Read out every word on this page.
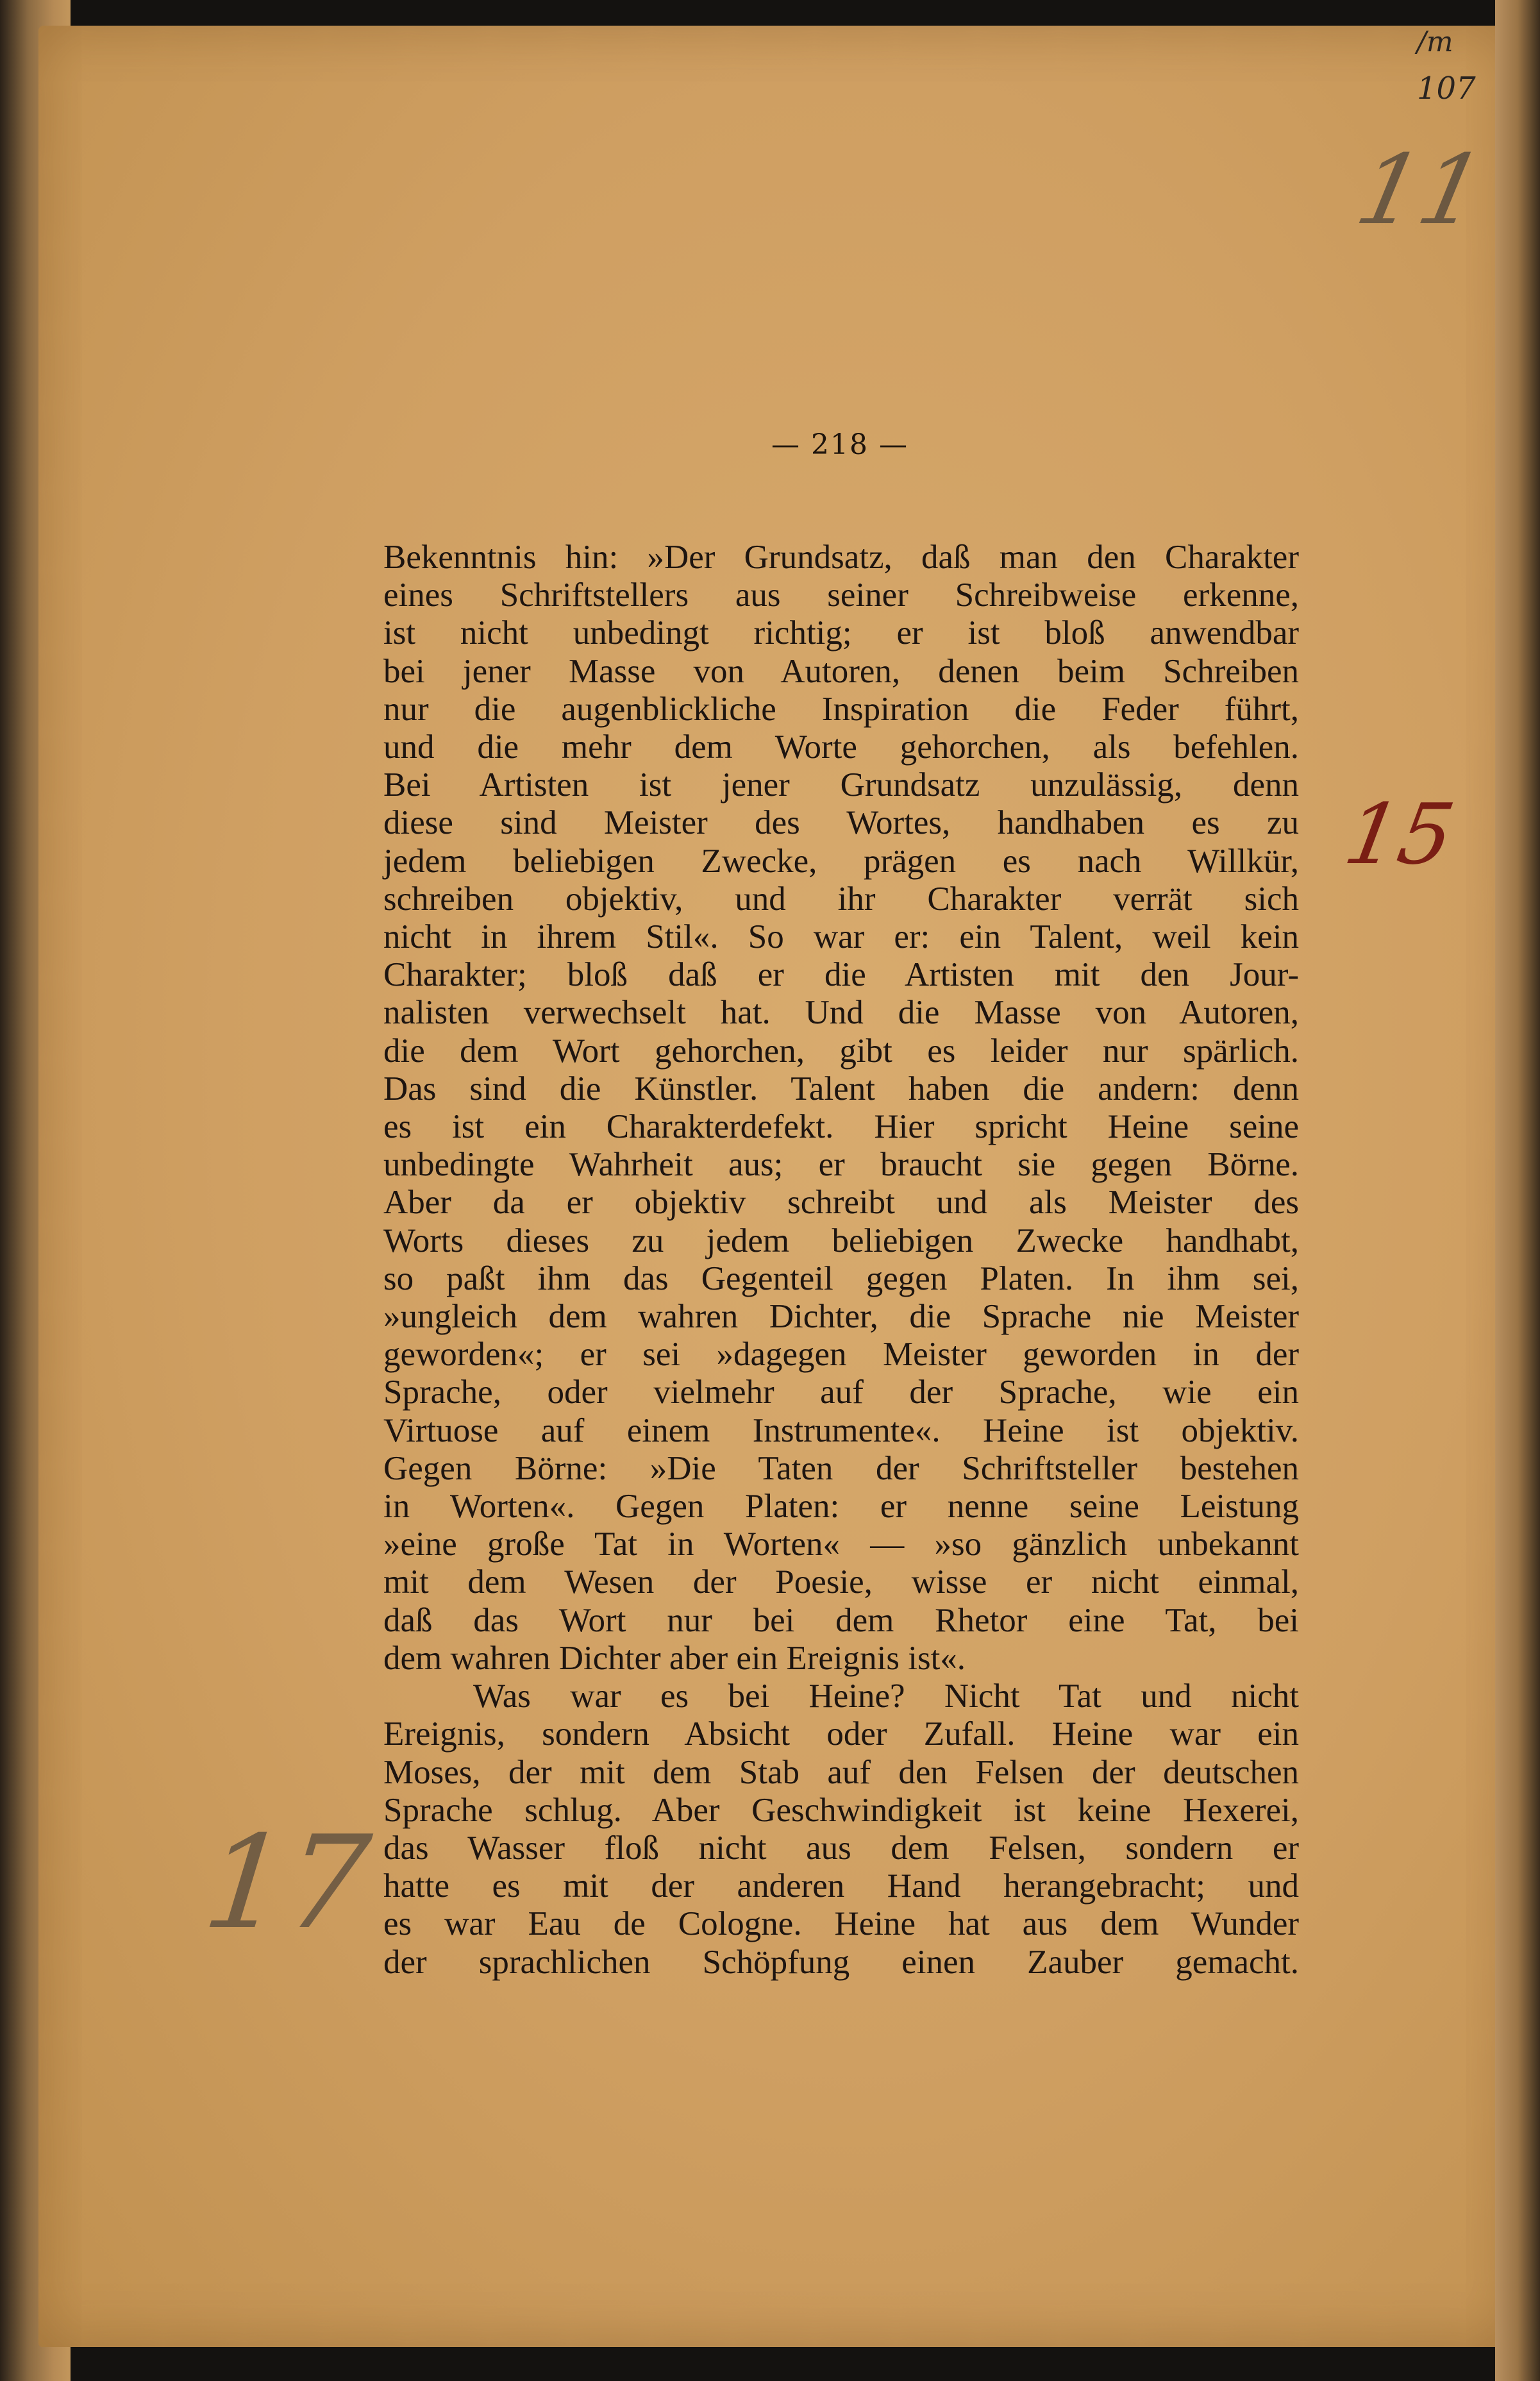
/m
107
11
15
17
— 218 —
Bekenntnis hin: »Der Grundsatz, daß man den Charakter
eines Schriftstellers aus seiner Schreibweise erkenne,
ist nicht unbedingt richtig; er ist bloß anwendbar
bei jener Masse von Autoren, denen beim Schreiben
nur die augenblickliche Inspiration die Feder führt,
und die mehr dem Worte gehorchen, als befehlen.
Bei Artisten ist jener Grundsatz unzulässig, denn
diese sind Meister des Wortes, handhaben es zu
jedem beliebigen Zwecke, prägen es nach Willkür,
schreiben objektiv, und ihr Charakter verrät sich
nicht in ihrem Stil«. So war er: ein Talent, weil kein
Charakter; bloß daß er die Artisten mit den Jour-
nalisten verwechselt hat. Und die Masse von Autoren,
die dem Wort gehorchen, gibt es leider nur spärlich.
Das sind die Künstler. Talent haben die andern: denn
es ist ein Charakterdefekt. Hier spricht Heine seine
unbedingte Wahrheit aus; er braucht sie gegen Börne.
Aber da er objektiv schreibt und als Meister des
Worts dieses zu jedem beliebigen Zwecke handhabt,
so paßt ihm das Gegenteil gegen Platen. In ihm sei,
»ungleich dem wahren Dichter, die Sprache nie Meister
geworden«; er sei »dagegen Meister geworden in der
Sprache, oder vielmehr auf der Sprache, wie ein
Virtuose auf einem Instrumente«. Heine ist objektiv.
Gegen Börne: »Die Taten der Schriftsteller bestehen
in Worten«. Gegen Platen: er nenne seine Leistung
»eine große Tat in Worten« — »so gänzlich unbekannt
mit dem Wesen der Poesie, wisse er nicht einmal,
daß das Wort nur bei dem Rhetor eine Tat, bei
dem wahren Dichter aber ein Ereignis ist«.
Was war es bei Heine? Nicht Tat und nicht
Ereignis, sondern Absicht oder Zufall. Heine war ein
Moses, der mit dem Stab auf den Felsen der deutschen
Sprache schlug. Aber Geschwindigkeit ist keine Hexerei,
das Wasser floß nicht aus dem Felsen, sondern er
hatte es mit der anderen Hand herangebracht; und
es war Eau de Cologne. Heine hat aus dem Wunder
der sprachlichen Schöpfung einen Zauber gemacht.
